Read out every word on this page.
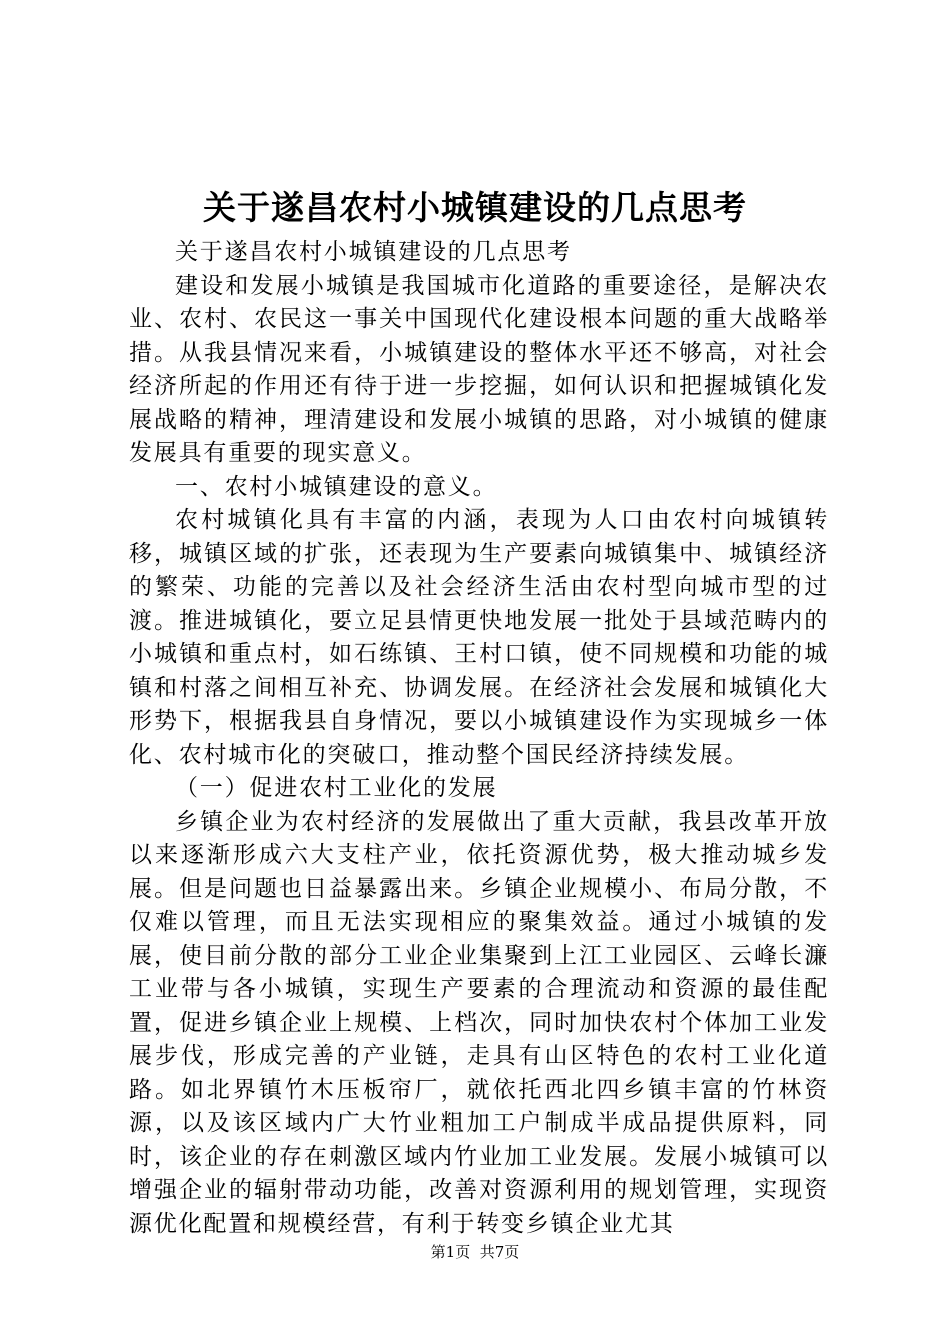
关于遂昌农村小城镇建设的几点思考

关于遂昌农村小城镇建设的几点思考

建设和发展小城镇是我国城市化道路的重要途径，是解决农业、农村、农民这一事关中国现代化建设根本问题的重大战略举措。从我县情况来看，小城镇建设的整体水平还不够高，对社会经济所起的作用还有待于进一步挖掘，如何认识和把握城镇化发展战略的精神，理清建设和发展小城镇的思路，对小城镇的健康发展具有重要的现实意义。

一、农村小城镇建设的意义。

农村城镇化具有丰富的内涵，表现为人口由农村向城镇转移，城镇区域的扩张，还表现为生产要素向城镇集中、城镇经济的繁荣、功能的完善以及社会经济生活由农村型向城市型的过渡。推进城镇化，要立足县情更快地发展一批处于县域范畴内的小城镇和重点村，如石练镇、王村口镇，使不同规模和功能的城镇和村落之间相互补充、协调发展。在经济社会发展和城镇化大形势下，根据我县自身情况，要以小城镇建设作为实现城乡一体化、农村城市化的突破口，推动整个国民经济持续发展。

（一）促进农村工业化的发展

乡镇企业为农村经济的发展做出了重大贡献，我县改革开放以来逐渐形成六大支柱产业，依托资源优势，极大推动城乡发展。但是问题也日益暴露出来。乡镇企业规模小、布局分散，不仅难以管理，而且无法实现相应的聚集效益。通过小城镇的发展，使目前分散的部分工业企业集聚到上江工业园区、云峰长濂工业带与各小城镇，实现生产要素的合理流动和资源的最佳配置，促进乡镇企业上规模、上档次，同时加快农村个体加工业发展步伐，形成完善的产业链，走具有山区特色的农村工业化道路。如北界镇竹木压板帘厂，就依托西北四乡镇丰富的竹林资源，以及该区域内广大竹业粗加工户制成半成品提供原料，同时，该企业的存在刺激区域内竹业加工业发展。发展小城镇可以增强企业的辐射带动功能，改善对资源利用的规划管理，实现资源优化配置和规模经营，有利于转变乡镇企业尤其

第1页 共7页
